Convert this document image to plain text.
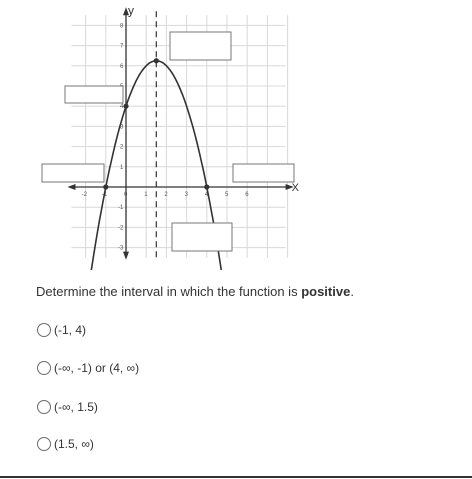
y
X
-2 -1	0	1	2	3	4	5	6
8
7
6
4
3
2
1
-1
-2
-3
Determine the interval in which the function is positive.
(-1, 4)
(-∞, -1) or (4, ∞)
(-∞, 1.5)
(1.5, ∞)
